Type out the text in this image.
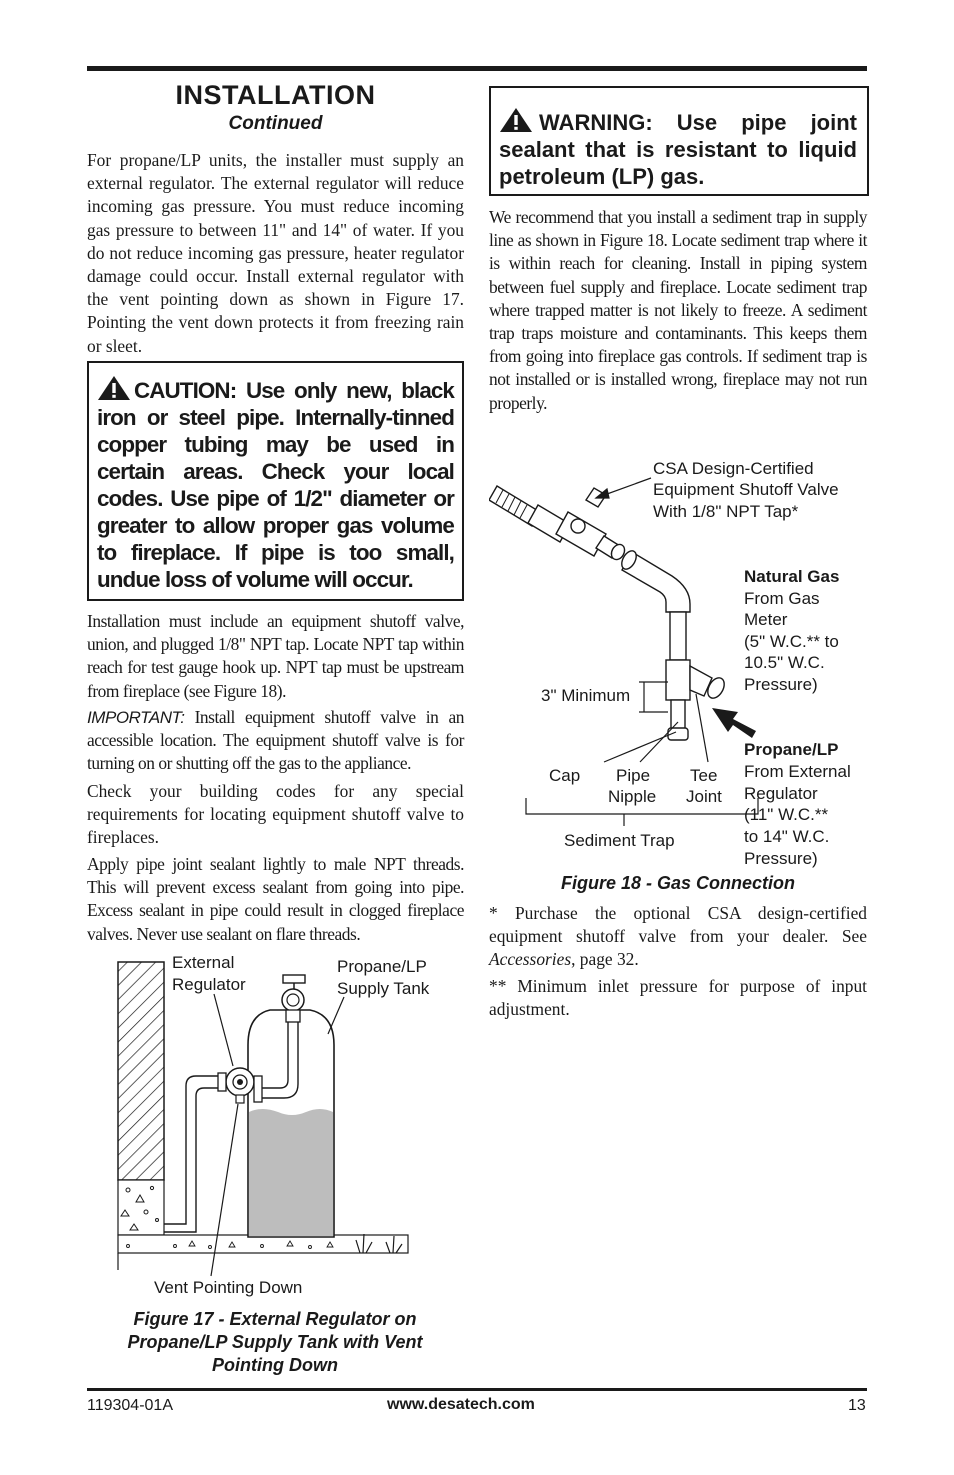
INSTALLATION
Continued

For propane/LP units, the installer must supply an external regulator. The external regulator will reduce incoming gas pressure. You must reduce incoming gas pressure to between 11" and 14" of water. If you do not reduce incoming gas pressure, heater regulator damage could occur. Install external regulator with the vent pointing down as shown in Figure 17. Pointing the vent down protects it from freezing rain or sleet.

CAUTION: Use only new, black iron or steel pipe. Internally-tinned copper tubing may be used in certain areas. Check your local codes. Use pipe of 1/2" diameter or greater to allow proper gas volume to fireplace. If pipe is too small, undue loss of volume will occur.

Installation must include an equipment shutoff valve, union, and plugged 1/8" NPT tap. Locate NPT tap within reach for test gauge hook up. NPT tap must be upstream from fireplace (see Figure 18).

IMPORTANT: Install equipment shutoff valve in an accessible location. The equipment shutoff valve is for turning on or shutting off the gas to the appliance.

Check your building codes for any special requirements for locating equipment shutoff valve to fireplaces.

Apply pipe joint sealant lightly to male NPT threads. This will prevent excess sealant from going into pipe. Excess sealant in pipe could result in clogged fireplace valves. Never use sealant on flare threads.

External
Regulator
Propane/LP
Supply Tank
Vent Pointing Down
Figure 17 - External Regulator on Propane/LP Supply Tank with Vent Pointing Down
WARNING: Use pipe joint sealant that is resistant to liquid petroleum (LP) gas.

We recommend that you install a sediment trap in supply line as shown in Figure 18. Locate sediment trap where it is within reach for cleaning. Install in piping system between fuel supply and fireplace. Locate sediment trap where trapped matter is not likely to freeze. A sediment trap traps moisture and contaminants. This keeps them from going into fireplace gas controls. If sediment trap is not installed or is installed wrong, fireplace may not run properly.

CSA Design-Certified
Equipment Shutoff Valve
With 1/8" NPT Tap*
Natural Gas
From Gas
Meter
(5" W.C.** to
10.5" W.C.
Pressure)
3" Minimum
Propane/LP
From External
Regulator
(11" W.C.**
to 14" W.C.
Pressure)
Cap Pipe
Nipple
Tee
Joint
Sediment Trap
Figure 18 - Gas Connection

* Purchase the optional CSA design-certified equipment shutoff valve from your dealer. See Accessories, page 32.

** Minimum inlet pressure for purpose of input adjustment.

119304-01A	www.desatech.com	13
